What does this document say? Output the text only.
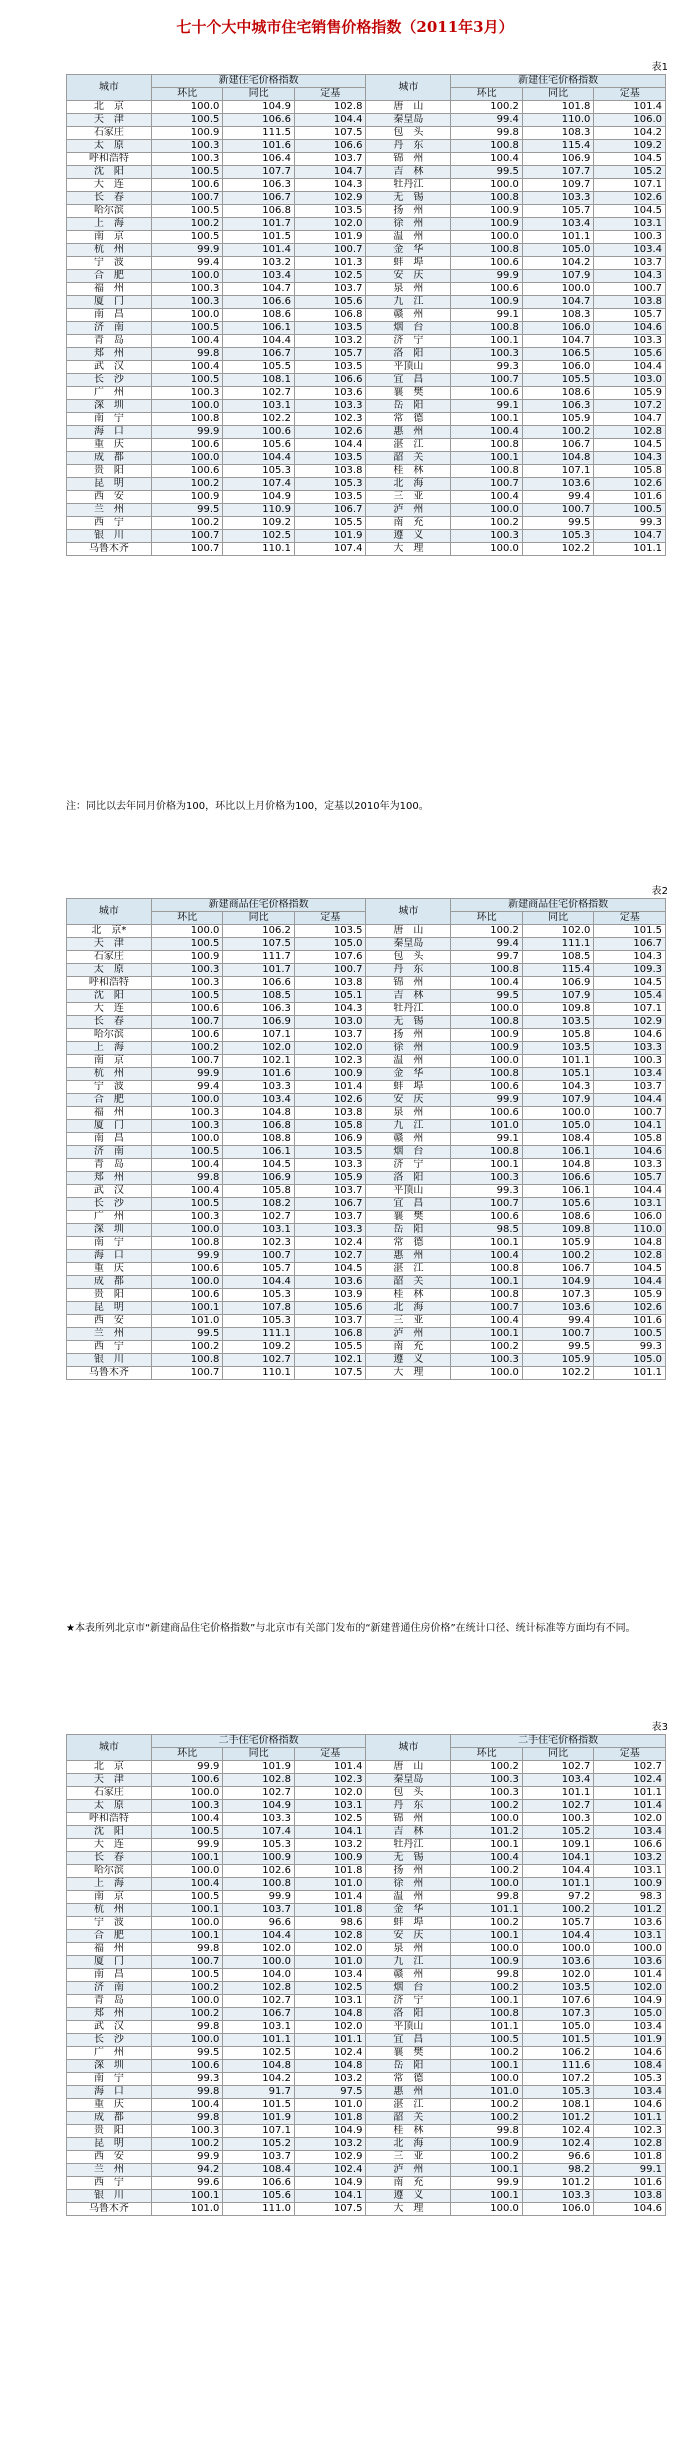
七十个大中城市住宅销售价格指数（2011年3月）
表1
城市	新建住宅价格指数			城市	新建住宅价格指数		
	环比	同比	定基		环比	同比	定基
北　京	100.0	104.9	102.8	唐　山	100.2	101.8	101.4
天　津	100.5	106.6	104.4	秦皇岛	99.4	110.0	106.0
石家庄	100.9	111.5	107.5	包　头	99.8	108.3	104.2
太　原	100.3	101.6	106.6	丹　东	100.8	115.4	109.2
呼和浩特	100.3	106.4	103.7	锦　州	100.4	106.9	104.5
沈　阳	100.5	107.7	104.7	吉　林	99.5	107.7	105.2
大　连	100.6	106.3	104.3	牡丹江	100.0	109.7	107.1
长　春	100.7	106.7	102.9	无　锡	100.8	103.3	102.6
哈尔滨	100.5	106.8	103.5	扬　州	100.9	105.7	104.5
上　海	100.2	101.7	102.0	徐　州	100.9	103.4	103.1
南　京	100.5	101.5	101.9	温　州	100.0	101.1	100.3
杭　州	99.9	101.4	100.7	金　华	100.8	105.0	103.4
宁　波	99.4	103.2	101.3	蚌　埠	100.6	104.2	103.7
合　肥	100.0	103.4	102.5	安　庆	99.9	107.9	104.3
福　州	100.3	104.7	103.7	泉　州	100.6	100.0	100.7
厦　门	100.3	106.6	105.6	九　江	100.9	104.7	103.8
南　昌	100.0	108.6	106.8	赣　州	99.1	108.3	105.7
济　南	100.5	106.1	103.5	烟　台	100.8	106.0	104.6
青　岛	100.4	104.4	103.2	济　宁	100.1	104.7	103.3
郑　州	99.8	106.7	105.7	洛　阳	100.3	106.5	105.6
武　汉	100.4	105.5	103.5	平顶山	99.3	106.0	104.4
长　沙	100.5	108.1	106.6	宜　昌	100.7	105.5	103.0
广　州	100.3	102.7	103.6	襄　樊	100.6	108.6	105.9
深　圳	100.0	103.1	103.3	岳　阳	99.1	106.3	107.2
南　宁	100.8	102.2	102.3	常　德	100.1	105.9	104.7
海　口	99.9	100.6	102.6	惠　州	100.4	100.2	102.8
重　庆	100.6	105.6	104.4	湛　江	100.8	106.7	104.5
成　都	100.0	104.4	103.5	韶　关	100.1	104.8	104.3
贵　阳	100.6	105.3	103.8	桂　林	100.8	107.1	105.8
昆　明	100.2	107.4	105.3	北　海	100.7	103.6	102.6
西　安	100.9	104.9	103.5	三　亚	100.4	99.4	101.6
兰　州	99.5	110.9	106.7	泸　州	100.0	100.7	100.5
西　宁	100.2	109.2	105.5	南　充	100.2	99.5	99.3
银　川	100.7	102.5	101.9	遵　义	100.3	105.3	104.7
乌鲁木齐	100.7	110.1	107.4	大　理	100.0	102.2	101.1
注：同比以去年同月价格为100，环比以上月价格为100，定基以2010年为100。
表2
城市	新建商品住宅价格指数			城市	新建商品住宅价格指数		
	环比	同比	定基		环比	同比	定基
北　京*	100.0	106.2	103.5	唐　山	100.2	102.0	101.5
天　津	100.5	107.5	105.0	秦皇岛	99.4	111.1	106.7
石家庄	100.9	111.7	107.6	包　头	99.7	108.5	104.3
太　原	100.3	101.7	100.7	丹　东	100.8	115.4	109.3
呼和浩特	100.3	106.6	103.8	锦　州	100.4	106.9	104.5
沈　阳	100.5	108.5	105.1	吉　林	99.5	107.9	105.4
大　连	100.6	106.3	104.3	牡丹江	100.0	109.8	107.1
长　春	100.7	106.9	103.0	无　锡	100.8	103.5	102.9
哈尔滨	100.6	107.1	103.7	扬　州	100.9	105.8	104.6
上　海	100.2	102.0	102.0	徐　州	100.9	103.5	103.3
南　京	100.7	102.1	102.3	温　州	100.0	101.1	100.3
杭　州	99.9	101.6	100.9	金　华	100.8	105.1	103.4
宁　波	99.4	103.3	101.4	蚌　埠	100.6	104.3	103.7
合　肥	100.0	103.4	102.6	安　庆	99.9	107.9	104.4
福　州	100.3	104.8	103.8	泉　州	100.6	100.0	100.7
厦　门	100.3	106.8	105.8	九　江	101.0	105.0	104.1
南　昌	100.0	108.8	106.9	赣　州	99.1	108.4	105.8
济　南	100.5	106.1	103.5	烟　台	100.8	106.1	104.6
青　岛	100.4	104.5	103.3	济　宁	100.1	104.8	103.3
郑　州	99.8	106.9	105.9	洛　阳	100.3	106.6	105.7
武　汉	100.4	105.8	103.7	平顶山	99.3	106.1	104.4
长　沙	100.5	108.2	106.7	宜　昌	100.7	105.6	103.1
广　州	100.3	102.7	103.7	襄　樊	100.6	108.6	106.0
深　圳	100.0	103.1	103.3	岳　阳	98.5	109.8	110.0
南　宁	100.8	102.3	102.4	常　德	100.1	105.9	104.8
海　口	99.9	100.7	102.7	惠　州	100.4	100.2	102.8
重　庆	100.6	105.7	104.5	湛　江	100.8	106.7	104.5
成　都	100.0	104.4	103.6	韶　关	100.1	104.9	104.4
贵　阳	100.6	105.3	103.9	桂　林	100.8	107.3	105.9
昆　明	100.1	107.8	105.6	北　海	100.7	103.6	102.6
西　安	101.0	105.3	103.7	三　亚	100.4	99.4	101.6
兰　州	99.5	111.1	106.8	泸　州	100.1	100.7	100.5
西　宁	100.2	109.2	105.5	南　充	100.2	99.5	99.3
银　川	100.8	102.7	102.1	遵　义	100.3	105.9	105.0
乌鲁木齐	100.7	110.1	107.5	大　理	100.0	102.2	101.1
★本表所列北京市“新建商品住宅价格指数”与北京市有关部门发布的“新建普通住房价格”在统计口径、统计标准等方面均有不同。
表3
城市	二手住宅价格指数			城市	二手住宅价格指数		
	环比	同比	定基		环比	同比	定基
北　京	99.9	101.9	101.4	唐　山	100.2	102.7	102.7
天　津	100.6	102.8	102.3	秦皇岛	100.3	103.4	102.4
石家庄	100.0	102.7	102.0	包　头	100.3	101.1	101.1
太　原	100.3	104.9	103.1	丹　东	100.2	102.7	101.4
呼和浩特	100.4	103.3	102.5	锦　州	100.0	100.3	102.0
沈　阳	100.5	107.4	104.1	吉　林	101.2	105.2	103.4
大　连	99.9	105.3	103.2	牡丹江	100.1	109.1	106.6
长　春	100.1	100.9	100.9	无　锡	100.4	104.1	103.2
哈尔滨	100.0	102.6	101.8	扬　州	100.2	104.4	103.1
上　海	100.4	100.8	101.0	徐　州	100.0	101.1	100.9
南　京	100.5	99.9	101.4	温　州	99.8	97.2	98.3
杭　州	100.1	103.7	101.8	金　华	101.1	100.2	101.2
宁　波	100.0	96.6	98.6	蚌　埠	100.2	105.7	103.6
合　肥	100.1	104.4	102.8	安　庆	100.1	104.4	103.1
福　州	99.8	102.0	102.0	泉　州	100.0	100.0	100.0
厦　门	100.7	100.0	101.0	九　江	100.9	103.6	103.6
南　昌	100.5	104.0	103.4	赣　州	99.8	102.0	101.4
济　南	100.2	102.8	102.5	烟　台	100.2	103.5	102.0
青　岛	100.0	102.7	103.1	济　宁	100.1	107.6	104.9
郑　州	100.2	106.7	104.8	洛　阳	100.8	107.3	105.0
武　汉	99.8	103.1	102.0	平顶山	101.1	105.0	103.4
长　沙	100.0	101.1	101.1	宜　昌	100.5	101.5	101.9
广　州	99.5	102.5	102.4	襄　樊	100.2	106.2	104.6
深　圳	100.6	104.8	104.8	岳　阳	100.1	111.6	108.4
南　宁	99.3	104.2	103.2	常　德	100.0	107.2	105.3
海　口	99.8	91.7	97.5	惠　州	101.0	105.3	103.4
重　庆	100.4	101.5	101.0	湛　江	100.2	108.1	104.6
成　都	99.8	101.9	101.8	韶　关	100.2	101.2	101.1
贵　阳	100.3	107.1	104.9	桂　林	99.8	102.4	102.3
昆　明	100.2	105.2	103.2	北　海	100.9	102.4	102.8
西　安	99.9	103.7	102.9	三　亚	100.2	96.6	101.8
兰　州	94.2	108.4	102.4	泸　州	100.1	98.2	99.1
西　宁	99.6	106.6	104.9	南　充	99.9	101.2	101.6
银　川	100.1	105.6	104.1	遵　义	100.1	103.3	103.8
乌鲁木齐	101.0	111.0	107.5	大　理	100.0	106.0	104.6
